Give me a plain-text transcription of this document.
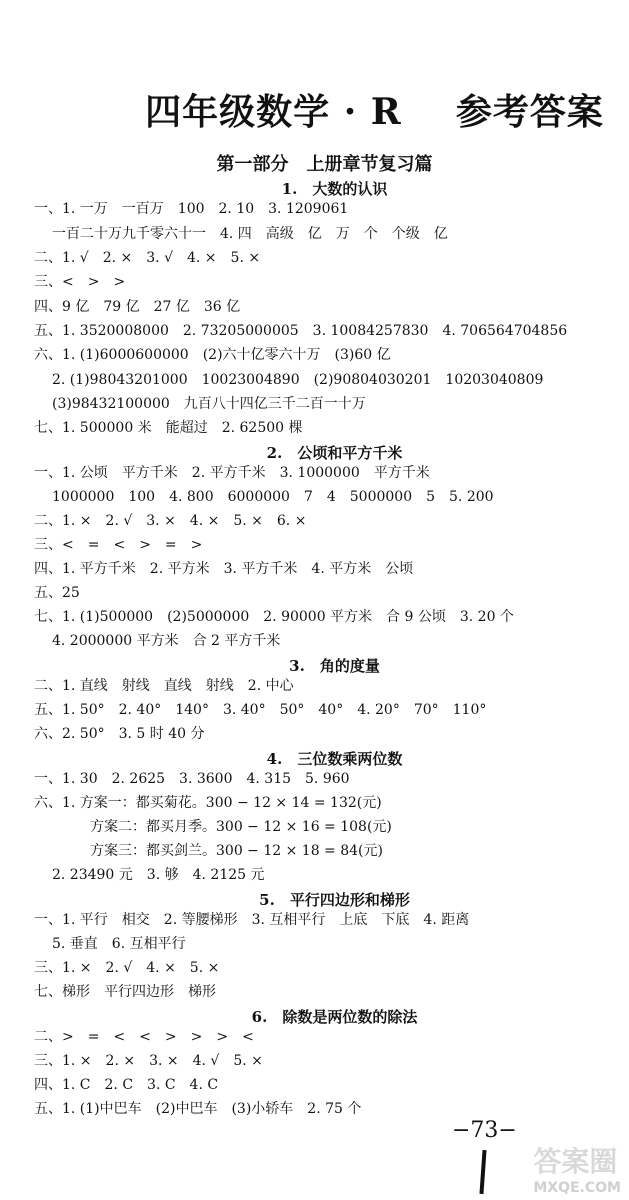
四年级数学 · R    参考答案
第一部分　上册章节复习篇
1.　大数的认识
一、1. 一万　一百万　100　2. 10　3. 1209061
一百二十万九千零六十一　4. 四　高级　亿　万　个　个级　亿
二、1. √　2. ×　3. √　4. ×　5. ×
三、<　>　>
四、9 亿　79 亿　27 亿　36 亿
五、1. 3520008000　2. 73205000005　3. 10084257830　4. 706564704856
六、1. (1)6000600000　(2)六十亿零六十万　(3)60 亿
2. (1)98043201000　10023004890　(2)90804030201　10203040809
(3)98432100000　九百八十四亿三千二百一十万
七、1. 500000 米　能超过　2. 62500 棵
2.　公顷和平方千米
一、1. 公顷　平方千米　2. 平方千米　3. 1000000　平方千米
1000000　100　4. 800　6000000　7　4　5000000　5　5. 200
二、1. ×　2. √　3. ×　4. ×　5. ×　6. ×
三、<　=　<　>　=　>
四、1. 平方千米　2. 平方米　3. 平方千米　4. 平方米　公顷
五、25
七、1. (1)500000　(2)5000000　2. 90000 平方米　合 9 公顷　3. 20 个
4. 2000000 平方米　合 2 平方千米
3.　角的度量
二、1. 直线　射线　直线　射线　2. 中心
五、1. 50°　2. 40°　140°　3. 40°　50°　40°　4. 20°　70°　110°
六、2. 50°　3. 5 时 40 分
4.　三位数乘两位数
一、1. 30　2. 2625　3. 3600　4. 315　5. 960
六、1. 方案一：都买菊花。300 − 12 × 14 = 132(元)
方案二：都买月季。300 − 12 × 16 = 108(元)
方案三：都买剑兰。300 − 12 × 18 = 84(元)
2. 23490 元　3. 够　4. 2125 元
5.　平行四边形和梯形
一、1. 平行　相交　2. 等腰梯形　3. 互相平行　上底　下底　4. 距离
5. 垂直　6. 互相平行
三、1. ×　2. √　4. ×　5. ×
七、梯形　平行四边形　梯形
6.　除数是两位数的除法
二、>　=　<　<　>　>　>　<
三、1. ×　2. ×　3. ×　4. √　5. ×
四、1. C　2. C　3. C　4. C
五、1. (1)中巴车　(2)中巴车　(3)小轿车　2. 75 个
−73−
答案圈
MXQE.COM
